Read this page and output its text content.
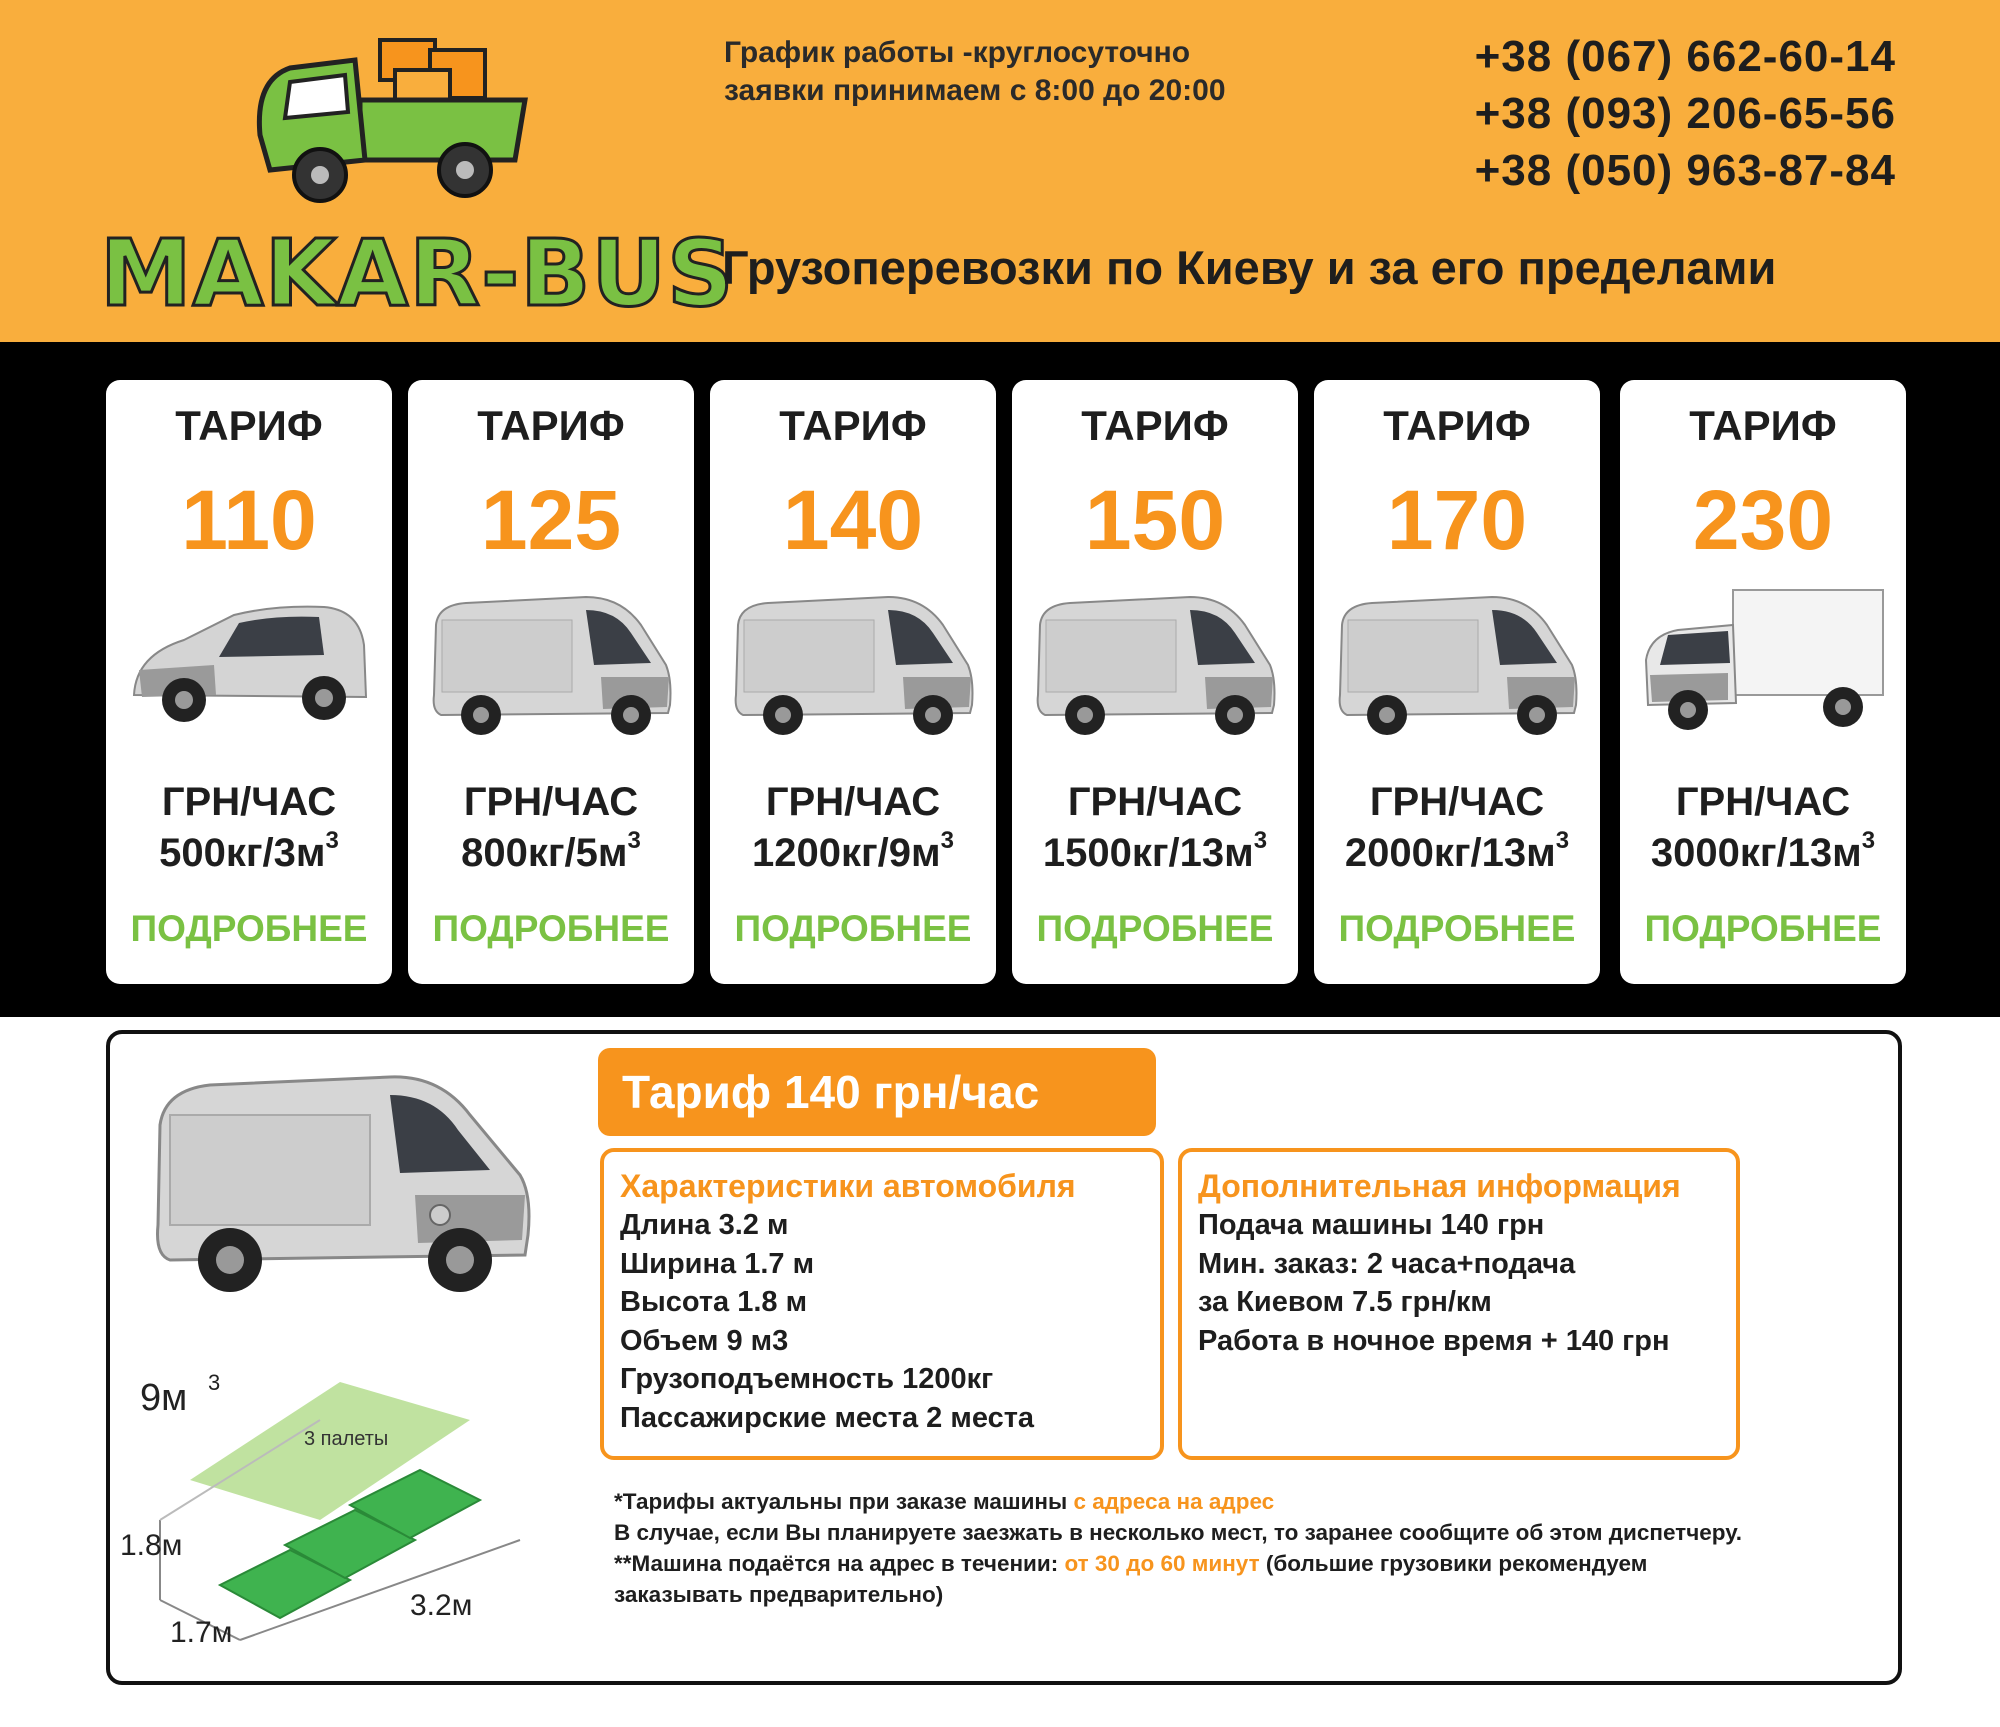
MAKAR-BUS
График работы -круглосуточно
заявки принимаем с 8:00 до 20:00
+38 (067) 662-60-14
+38 (093) 206-65-56
+38 (050) 963-87-84
Грузоперевозки по Киеву и за его пределами
ТАРИФ
110
ГРН/ЧАС
$500кг/3м^3$
ПОДРОБНЕЕ
ТАРИФ
125
ГРН/ЧАС
$800кг/5м^3$
ПОДРОБНЕЕ
ТАРИФ
140
ГРН/ЧАС
$1200кг/9м^3$
ПОДРОБНЕЕ
ТАРИФ
150
ГРН/ЧАС
$1500кг/13м^3$
ПОДРОБНЕЕ
ТАРИФ
170
ГРН/ЧАС
$2000кг/13м^3$
ПОДРОБНЕЕ
ТАРИФ
230
ГРН/ЧАС
$3000кг/13м^3$
ПОДРОБНЕЕ
9м 3
3 палеты
1.8м
1.7м
3.2м
Тариф 140 грн/час
Характеристики автомобиля
Длина 3.2 м
Ширина 1.7 м
Высота 1.8 м
Объем 9 м3
Грузоподъемность 1200кг
Пассажирские места 2 места
Дополнительная информация
Подача машины 140 грн
Мин. заказ: 2 часа+подача
за Киевом 7.5 грн/км
Работа в ночное время + 140 грн
*Тарифы актуальны при заказе машины с адреса на адрес
В случае, если Вы планируете заезжать в несколько мест, то заранее сообщите об этом диспетчеру.
**Машина подаётся на адрес в течении: от 30 до 60 минут (большие грузовики рекомендуем заказывать предварительно)
